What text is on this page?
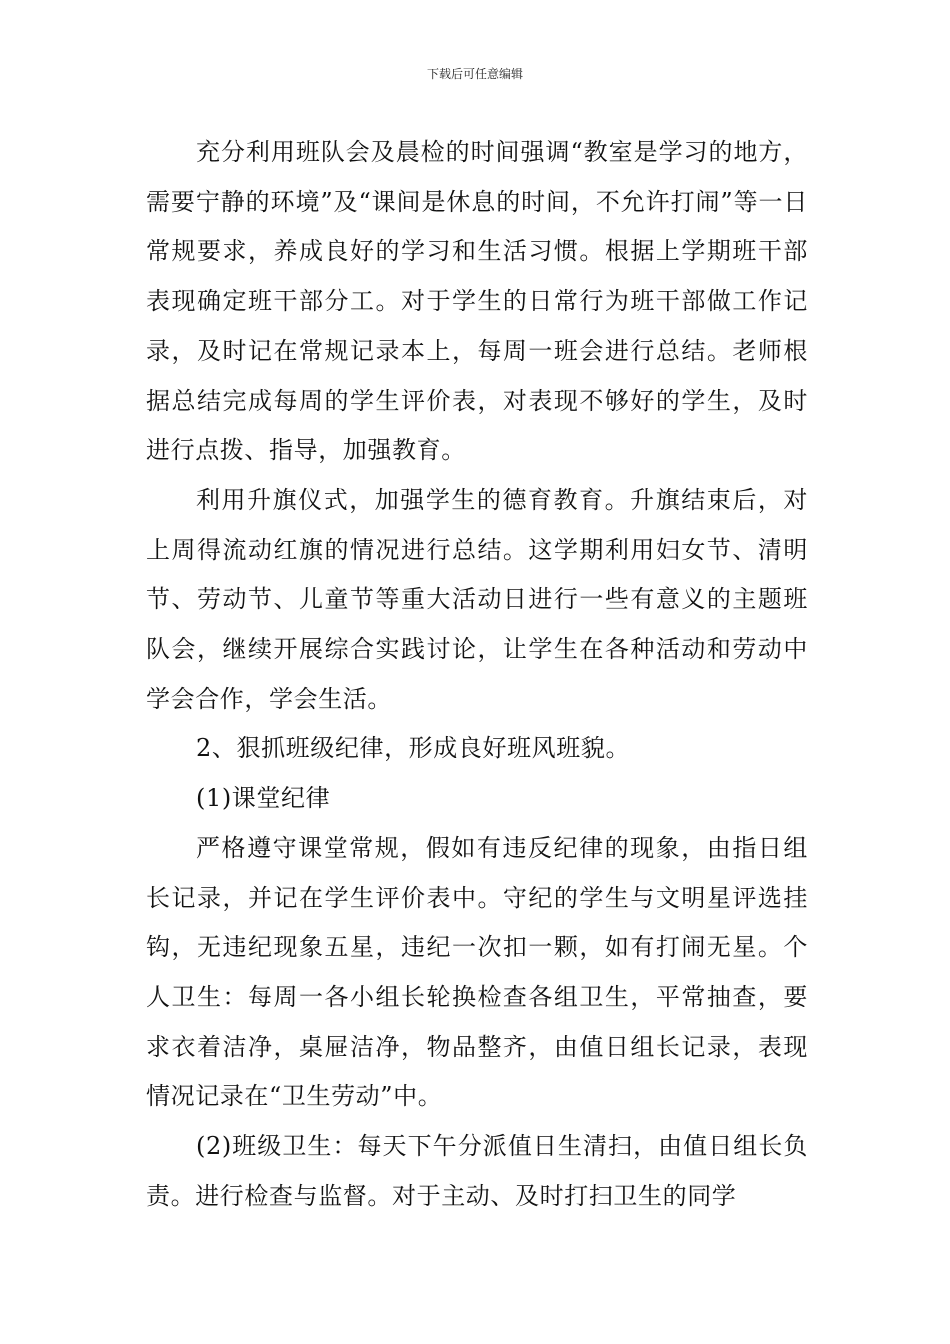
下载后可任意编辑

充分利用班队会及晨检的时间强调“教室是学习的地方，需要宁静的环境”及“课间是休息的时间，不允许打闹”等一日常规要求，养成良好的学习和生活习惯。根据上学期班干部表现确定班干部分工。对于学生的日常行为班干部做工作记录，及时记在常规记录本上，每周一班会进行总结。老师根据总结完成每周的学生评价表，对表现不够好的学生，及时进行点拨、指导，加强教育。

利用升旗仪式，加强学生的德育教育。升旗结束后，对上周得流动红旗的情况进行总结。这学期利用妇女节、清明节、劳动节、儿童节等重大活动日进行一些有意义的主题班队会，继续开展综合实践讨论，让学生在各种活动和劳动中学会合作，学会生活。

2、狠抓班级纪律，形成良好班风班貌。

(1)课堂纪律

严格遵守课堂常规，假如有违反纪律的现象，由指日组长记录，并记在学生评价表中。守纪的学生与文明星评选挂钩，无违纪现象五星，违纪一次扣一颗，如有打闹无星。个人卫生：每周一各小组长轮换检查各组卫生，平常抽查，要求衣着洁净，桌屉洁净，物品整齐，由值日组长记录，表现情况记录在“卫生劳动”中。

(2)班级卫生：每天下午分派值日生清扫，由值日组长负责。进行检查与监督。对于主动、及时打扫卫生的同学
